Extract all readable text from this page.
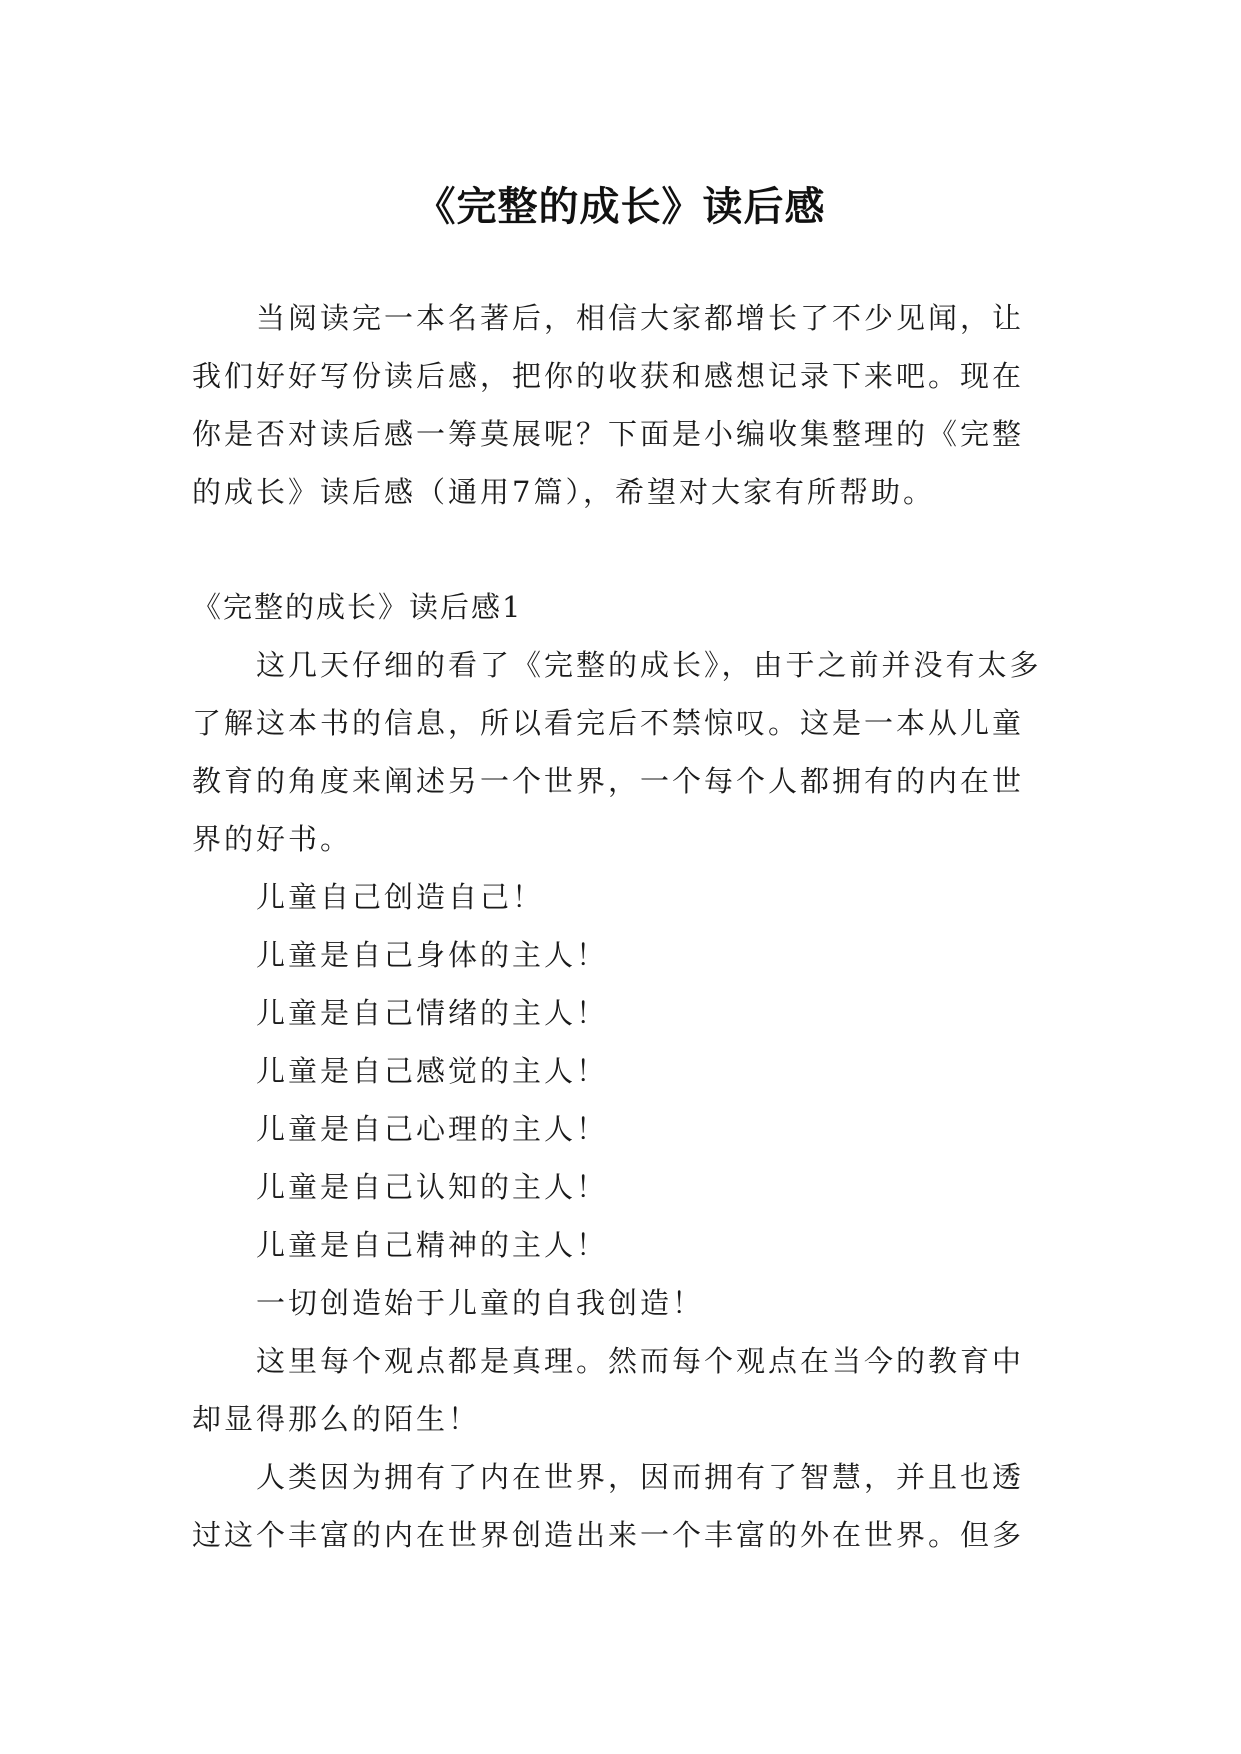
《完整的成长》读后感

当阅读完一本名著后，相信大家都增长了不少见闻，让我们好好写份读后感，把你的收获和感想记录下来吧。现在你是否对读后感一筹莫展呢？下面是小编收集整理的《完整的成长》读后感（通用7篇），希望对大家有所帮助。

《完整的成长》读后感1

这几天仔细的看了《完整的成长》，由于之前并没有太多了解这本书的信息，所以看完后不禁惊叹。这是一本从儿童教育的角度来阐述另一个世界，一个每个人都拥有的内在世界的好书。

儿童自己创造自己！

儿童是自己身体的主人！

儿童是自己情绪的主人！

儿童是自己感觉的主人！

儿童是自己心理的主人！

儿童是自己认知的主人！

儿童是自己精神的主人！

一切创造始于儿童的自我创造！

这里每个观点都是真理。然而每个观点在当今的教育中却显得那么的陌生！

人类因为拥有了内在世界，因而拥有了智慧，并且也透过这个丰富的内在世界创造出来一个丰富的外在世界。但多
